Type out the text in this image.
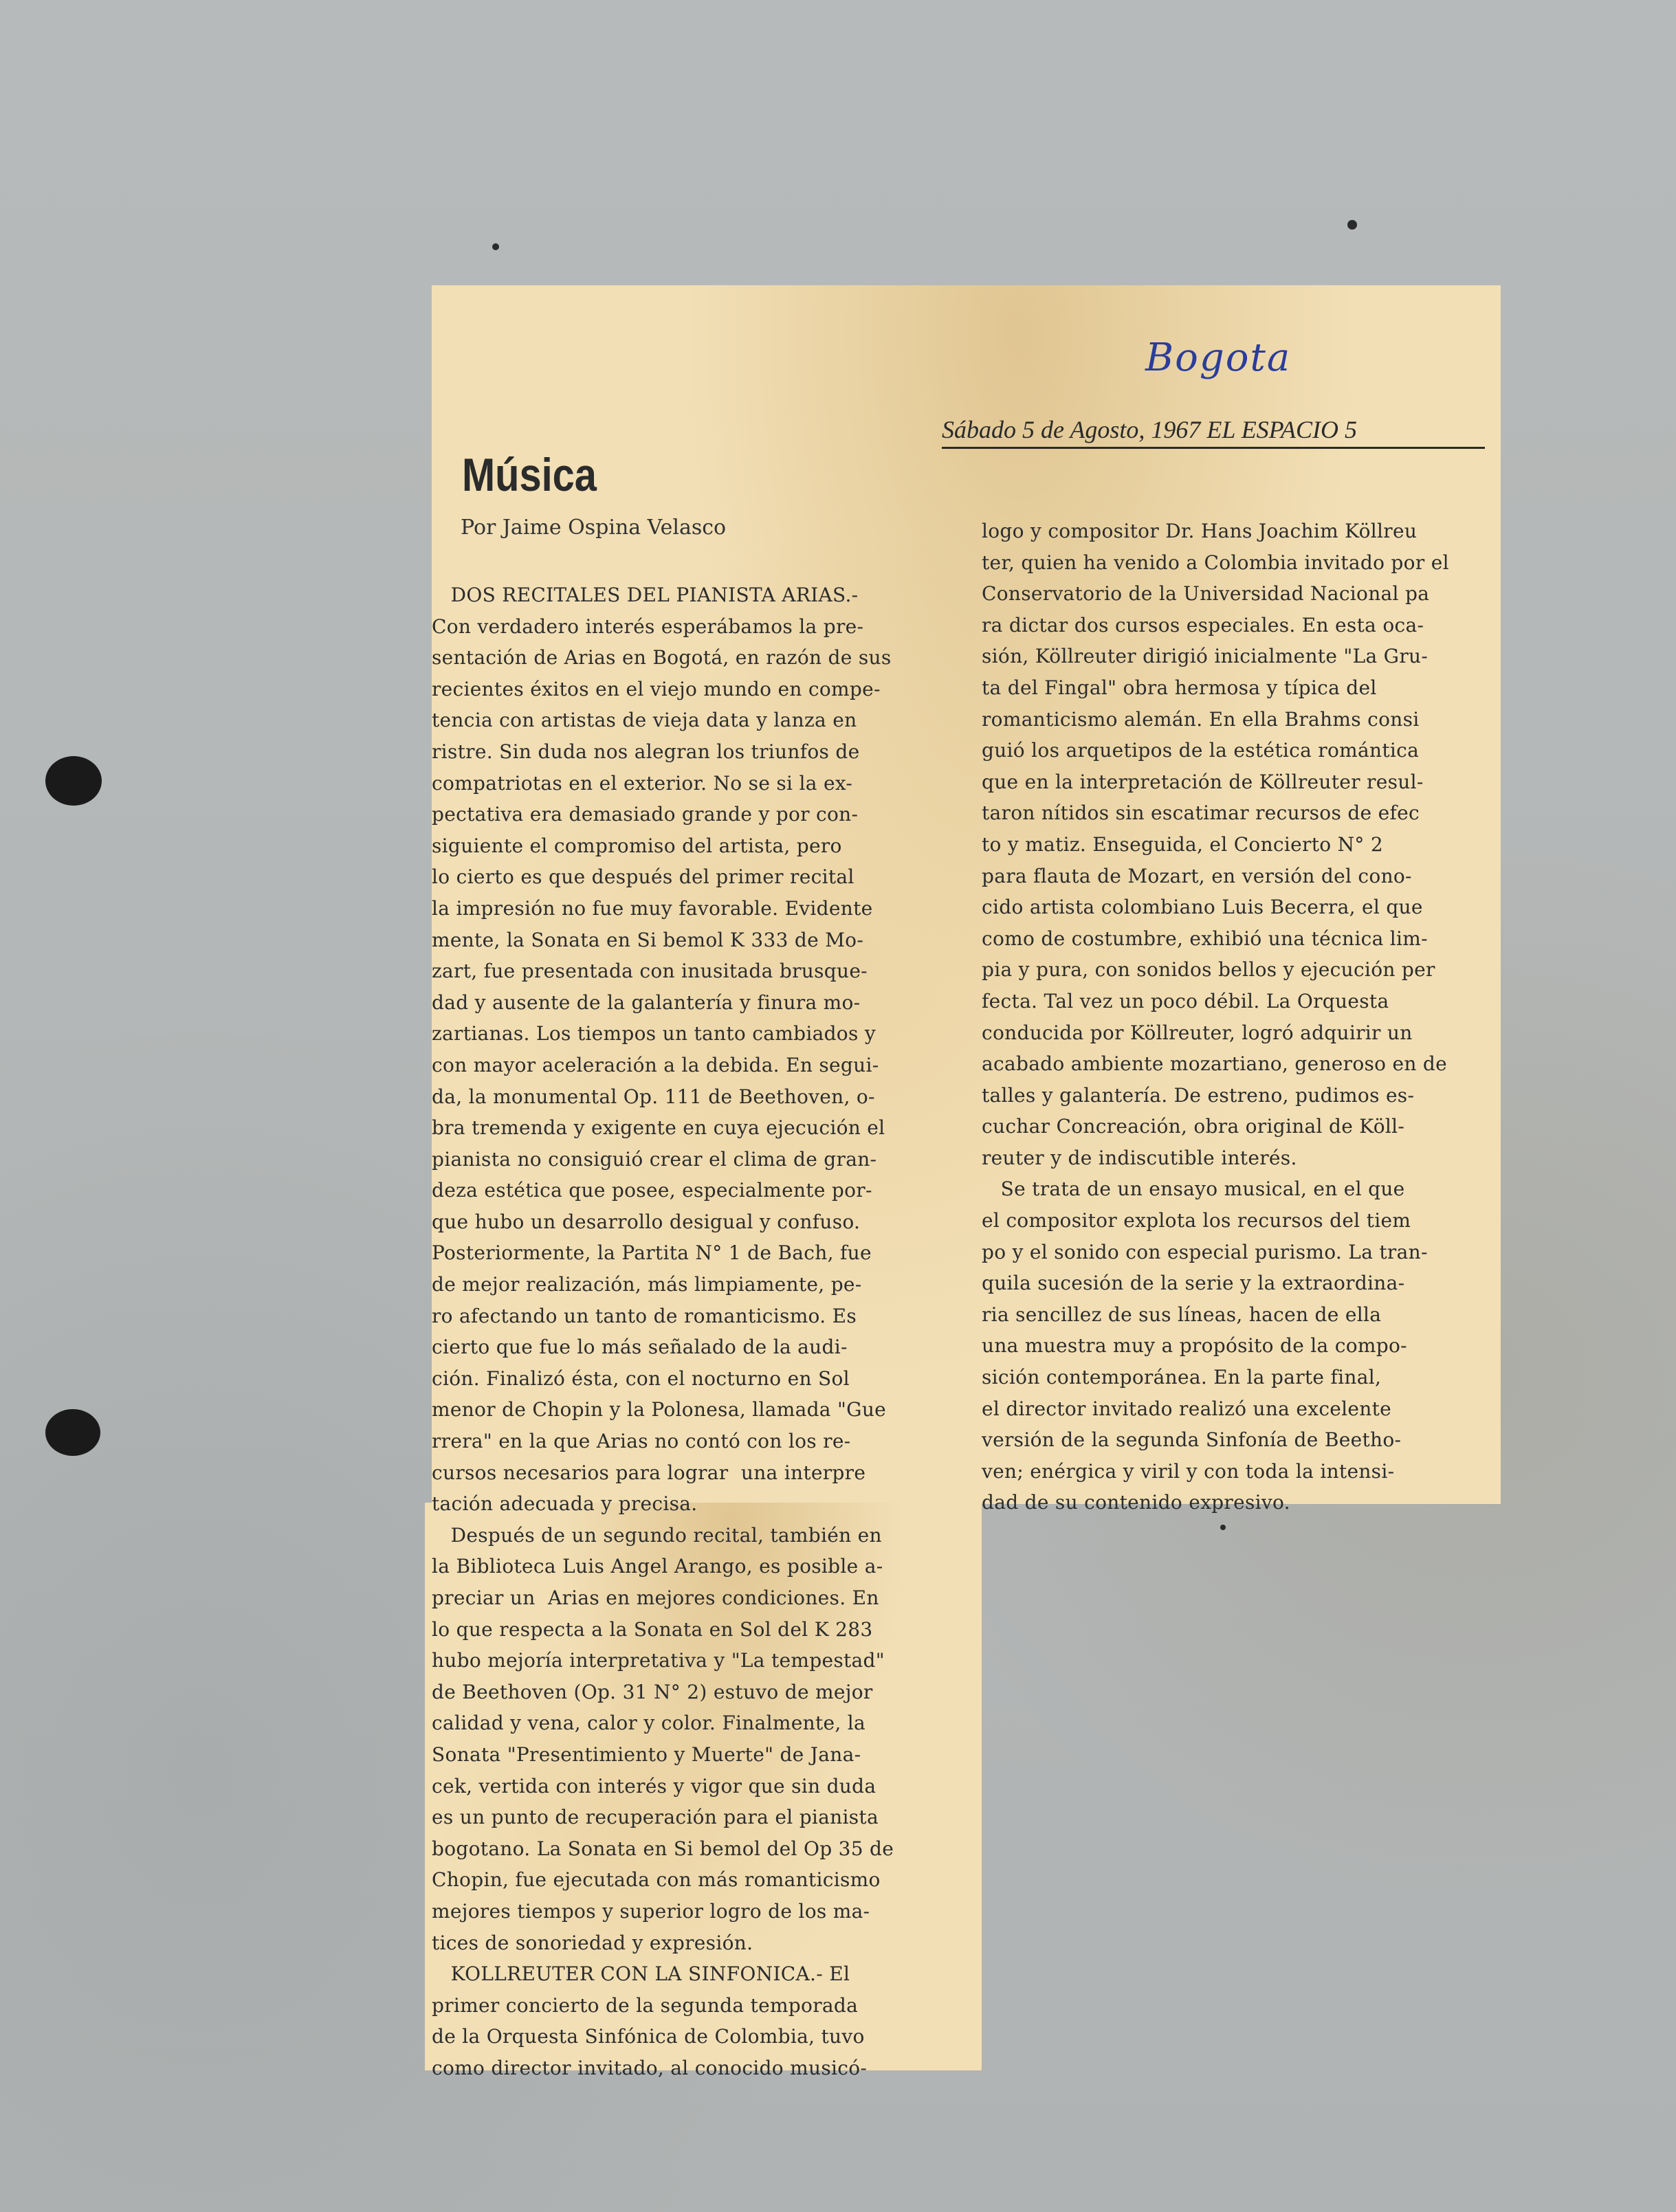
Bogota
Sábado 5 de Agosto, 1967 EL ESPACIO 5
Música
Por Jaime Ospina Velasco
DOS RECITALES DEL PIANISTA ARIAS.-
Con verdadero interés esperábamos la pre-
sentación de Arias en Bogotá, en razón de sus
recientes éxitos en el viejo mundo en compe-
tencia con artistas de vieja data y lanza en
ristre. Sin duda nos alegran los triunfos de
compatriotas en el exterior. No se si la ex-
pectativa era demasiado grande y por con-
siguiente el compromiso del artista, pero
lo cierto es que después del primer recital
la impresión no fue muy favorable. Evidente
mente, la Sonata en Si bemol K 333 de Mo-
zart, fue presentada con inusitada brusque-
dad y ausente de la galantería y finura mo-
zartianas. Los tiempos un tanto cambiados y
con mayor aceleración a la debida. En segui-
da, la monumental Op. 111 de Beethoven, o-
bra tremenda y exigente en cuya ejecución el
pianista no consiguió crear el clima de gran-
deza estética que posee, especialmente por-
que hubo un desarrollo desigual y confuso.
Posteriormente, la Partita N° 1 de Bach, fue
de mejor realización, más limpiamente, pe-
ro afectando un tanto de romanticismo. Es
cierto que fue lo más señalado de la audi-
ción. Finalizó ésta, con el nocturno en Sol
menor de Chopin y la Polonesa, llamada "Gue
rrera" en la que Arias no contó con los re-
cursos necesarios para lograr  una interpre
tación adecuada y precisa.
Después de un segundo recital, también en
la Biblioteca Luis Angel Arango, es posible a-
preciar un  Arias en mejores condiciones. En
lo que respecta a la Sonata en Sol del K 283
hubo mejoría interpretativa y "La tempestad"
de Beethoven (Op. 31 N° 2) estuvo de mejor
calidad y vena, calor y color. Finalmente, la
Sonata "Presentimiento y Muerte" de Jana-
cek, vertida con interés y vigor que sin duda
es un punto de recuperación para el pianista
bogotano. La Sonata en Si bemol del Op 35 de
Chopin, fue ejecutada con más romanticismo
mejores tiempos y superior logro de los ma-
tices de sonoriedad y expresión.
KOLLREUTER CON LA SINFONICA.- El
primer concierto de la segunda temporada
de la Orquesta Sinfónica de Colombia, tuvo
como director invitado, al conocido musicó-
logo y compositor Dr. Hans Joachim Köllreu
ter, quien ha venido a Colombia invitado por el
Conservatorio de la Universidad Nacional pa
ra dictar dos cursos especiales. En esta oca-
sión, Köllreuter dirigió inicialmente "La Gru-
ta del Fingal" obra hermosa y típica del
romanticismo alemán. En ella Brahms consi
guió los arquetipos de la estética romántica
que en la interpretación de Köllreuter resul-
taron nítidos sin escatimar recursos de efec
to y matiz. Enseguida, el Concierto N° 2
para flauta de Mozart, en versión del cono-
cido artista colombiano Luis Becerra, el que
como de costumbre, exhibió una técnica lim-
pia y pura, con sonidos bellos y ejecución per
fecta. Tal vez un poco débil. La Orquesta
conducida por Köllreuter, logró adquirir un
acabado ambiente mozartiano, generoso en de
talles y galantería. De estreno, pudimos es-
cuchar Concreación, obra original de Köll-
reuter y de indiscutible interés.
Se trata de un ensayo musical, en el que
el compositor explota los recursos del tiem
po y el sonido con especial purismo. La tran-
quila sucesión de la serie y la extraordina-
ria sencillez de sus líneas, hacen de ella
una muestra muy a propósito de la compo-
sición contemporánea. En la parte final,
el director invitado realizó una excelente
versión de la segunda Sinfonía de Beetho-
ven; enérgica y viril y con toda la intensi-
dad de su contenido expresivo.
